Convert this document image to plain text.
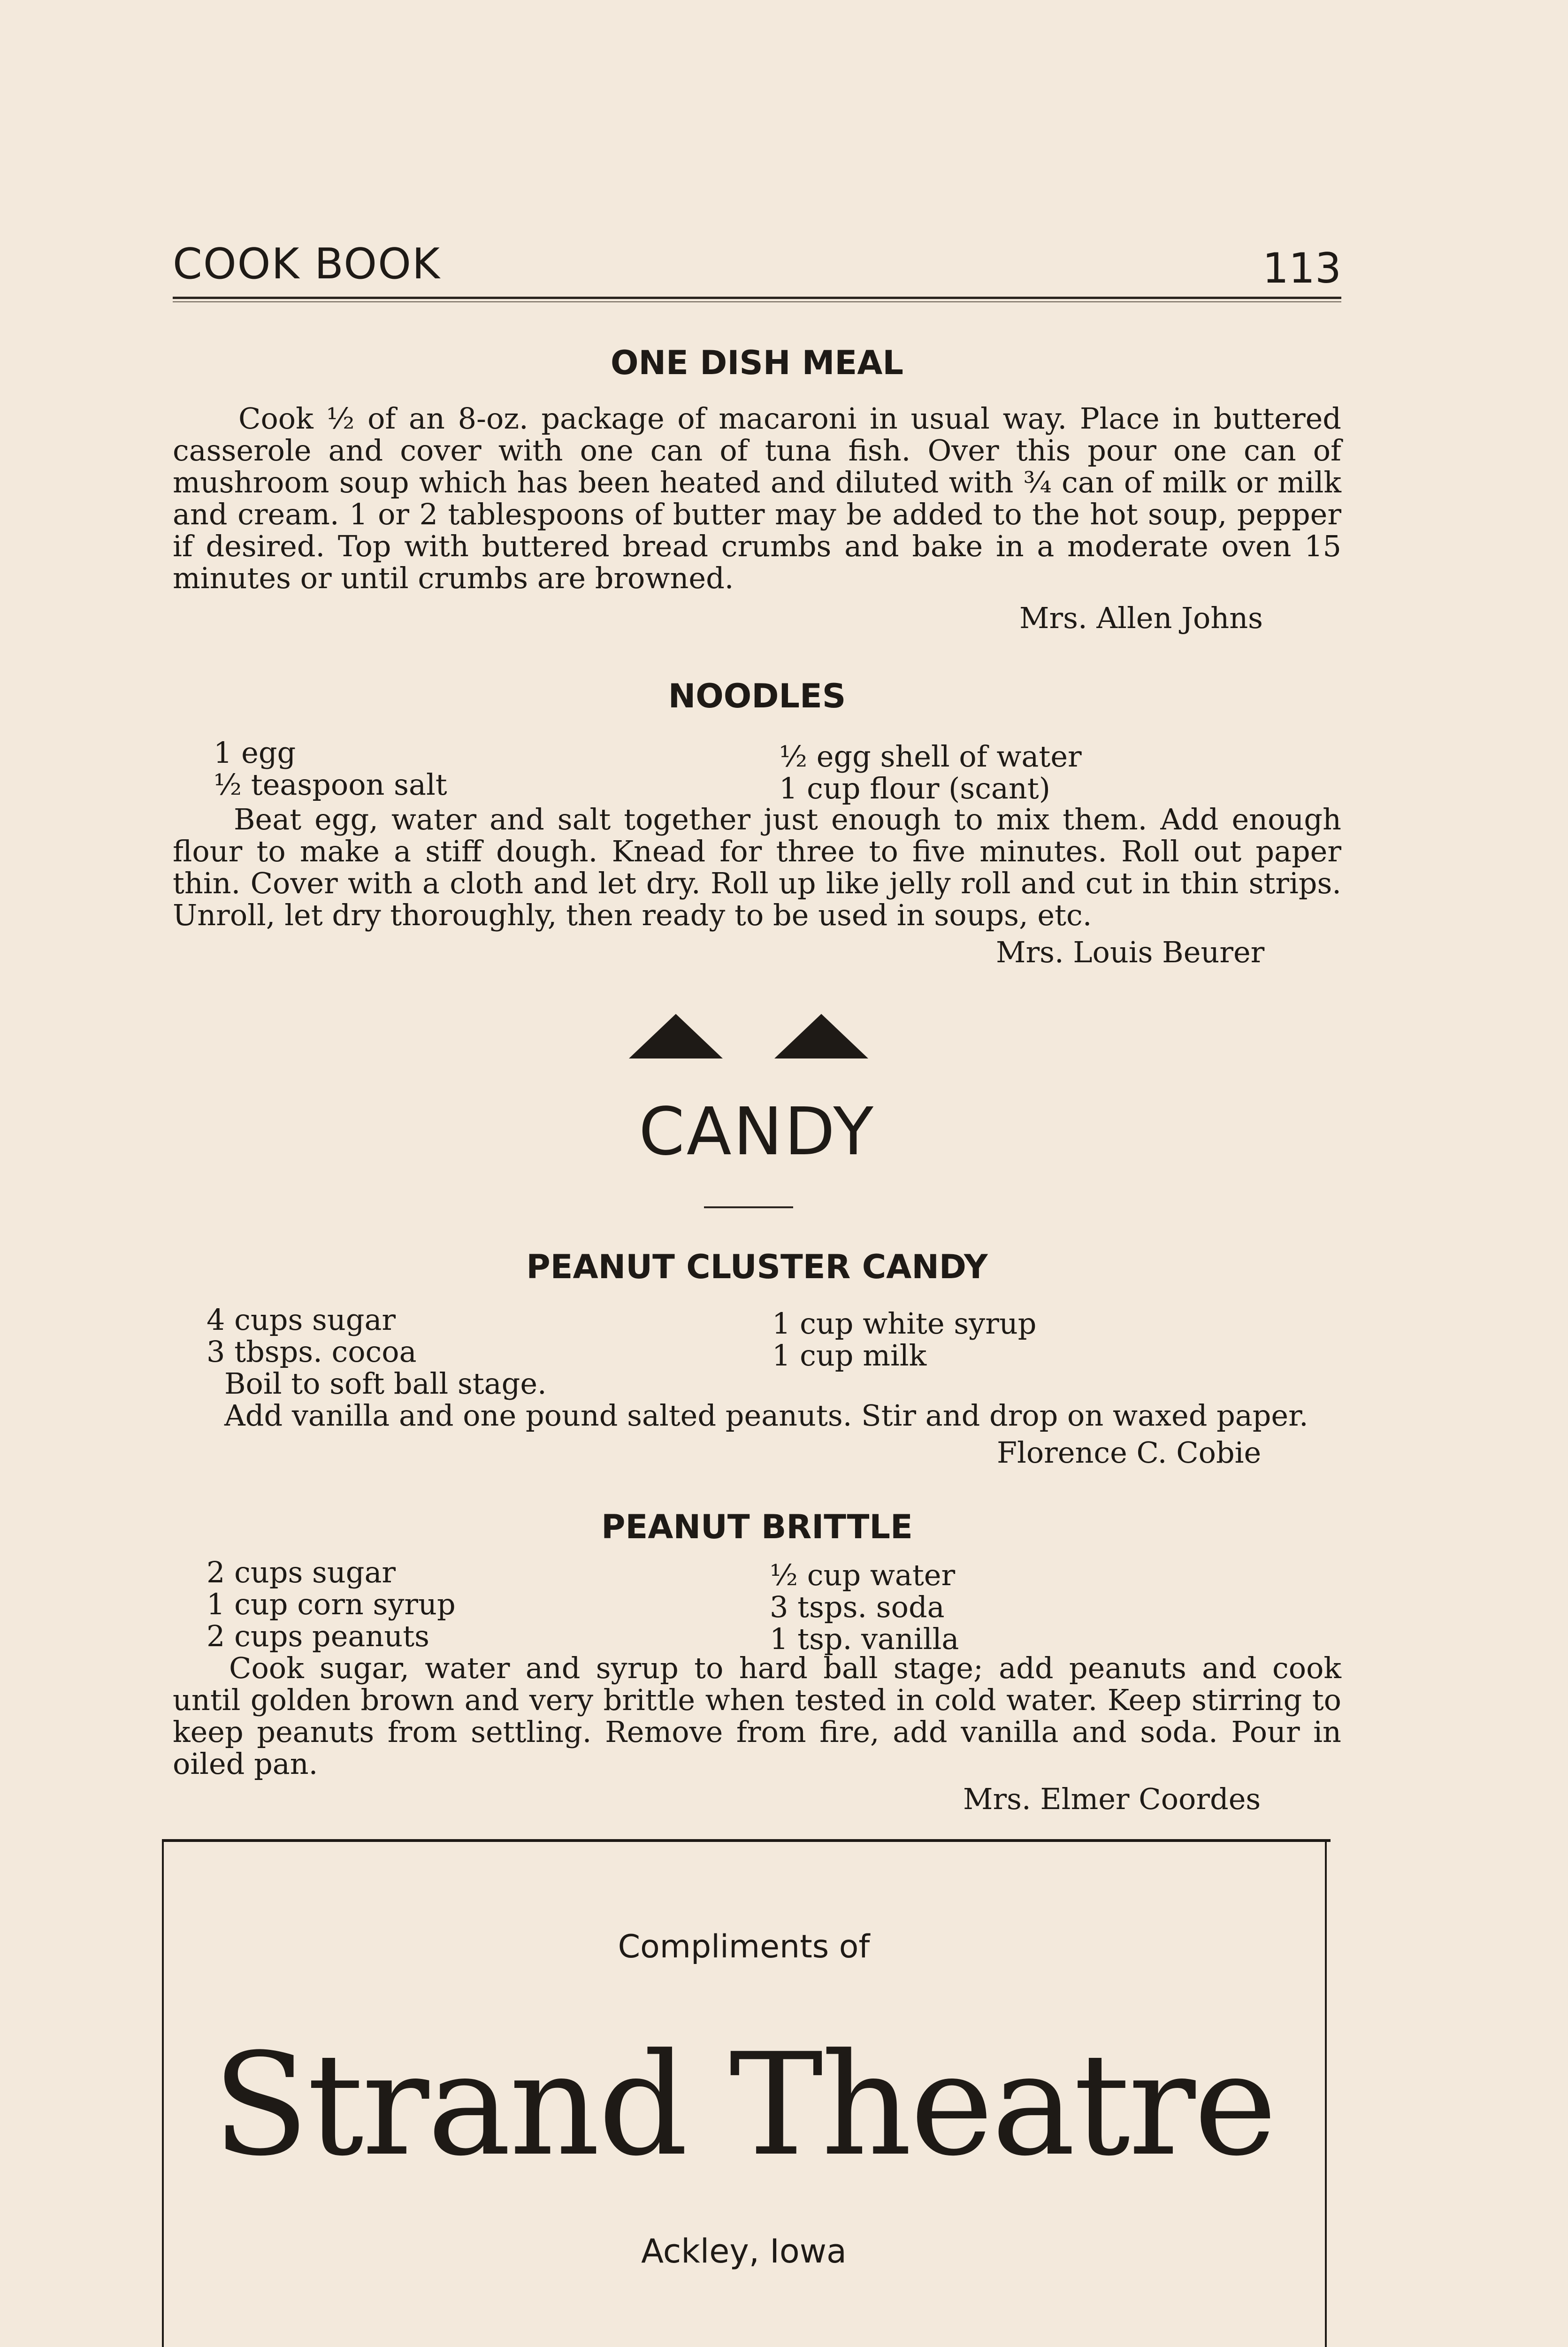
COOK BOOK	113
ONE DISH MEAL
Cook ½ of an 8-oz. package of macaroni in usual way. Place in buttered casserole and cover with one can of tuna fish. Over this pour one can of mushroom soup which has been heated and diluted with ¾ can of milk or milk and cream. 1 or 2 tablespoons of butter may be added to the hot soup, pepper if desired. Top with buttered bread crumbs and bake in a moderate oven 15 minutes or until crumbs are browned.
Mrs. Allen Johns
NOODLES
1 egg
½ teaspoon salt
½ egg shell of water
1 cup flour (scant)
Beat egg, water and salt together just enough to mix them. Add enough flour to make a stiff dough. Knead for three to five minutes. Roll out paper thin. Cover with a cloth and let dry. Roll up like jelly roll and cut in thin strips. Unroll, let dry thoroughly, then ready to be used in soups, etc.
Mrs. Louis Beurer
CANDY
PEANUT CLUSTER CANDY
4 cups sugar
3 tbsps. cocoa
1 cup white syrup
1 cup milk
Boil to soft ball stage.
Add vanilla and one pound salted peanuts. Stir and drop on waxed paper.
Florence C. Cobie
PEANUT BRITTLE
2 cups sugar
1 cup corn syrup
2 cups peanuts
½ cup water
3 tsps. soda
1 tsp. vanilla
Cook sugar, water and syrup to hard ball stage; add peanuts and cook until golden brown and very brittle when tested in cold water. Keep stirring to keep peanuts from settling. Remove from fire, add vanilla and soda. Pour in oiled pan.
Mrs. Elmer Coordes
Compliments of
Strand Theatre
Ackley, Iowa
